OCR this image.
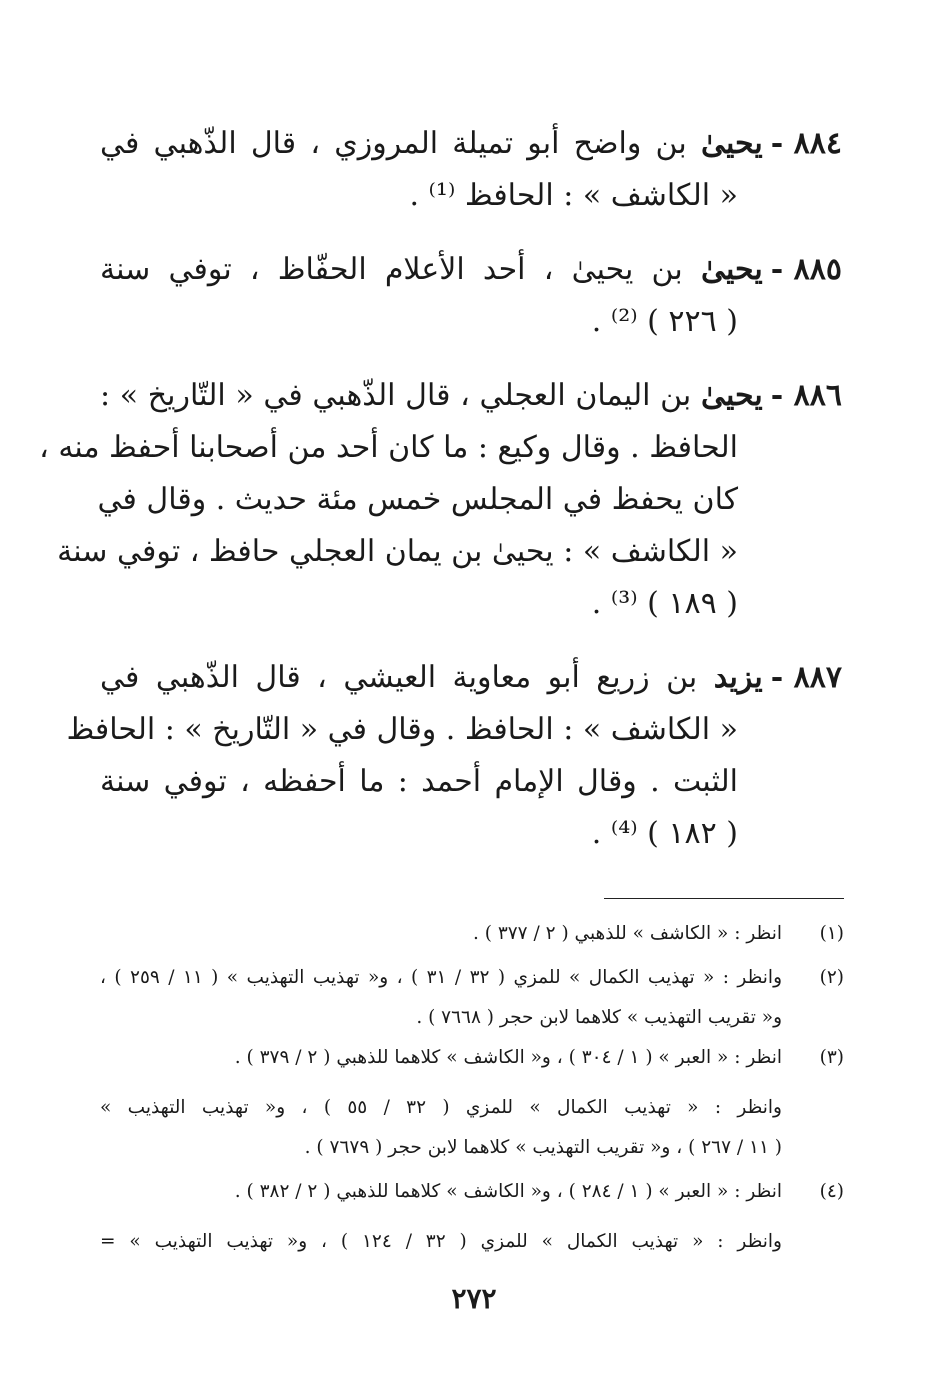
٨٨٤ -
يحيىٰ بن واضح أبو تميلة المروزي ، قال الذّهبي في
« الكاشف » : الحافظ ⁽¹⁾ .
٨٨٥ -
يحيىٰ بن يحيىٰ ، أحد الأعلام الحفّاظ ، توفي سنة
( ٢٢٦ ) ⁽²⁾ .
٨٨٦ -
يحيىٰ بن اليمان العجلي ، قال الذّهبي في « التّاريخ » :
الحافظ . وقال وكيع : ما كان أحد من أصحابنا أحفظ منه ،
كان يحفظ في المجلس خمس مئة حديث . وقال في
« الكاشف » : يحيىٰ بن يمان العجلي حافظ ، توفي سنة
( ١٨٩ ) ⁽³⁾ .
٨٨٧ -
يزيد بن زريع أبو معاوية العيشي ، قال الذّهبي في
« الكاشف » : الحافظ . وقال في « التّاريخ » : الحافظ
الثبت . وقال الإمام أحمد : ما أحفظه ، توفي سنة
( ١٨٢ ) ⁽⁴⁾ .
(١)
انظر : « الكاشف » للذهبي ( ٢ / ٣٧٧ ) .
(٢)
وانظر : « تهذيب الكمال » للمزي ( ٣٢ / ٣١ ) ، و« تهذيب التهذيب » ( ١١ / ٢٥٩ ) ،
و« تقريب التهذيب » كلاهما لابن حجر ( ٧٦٦٨ ) .
(٣)
انظر : « العبر » ( ١ / ٣٠٤ ) ، و« الكاشف » كلاهما للذهبي ( ٢ / ٣٧٩ ) .
وانظر : « تهذيب الكمال » للمزي ( ٣٢ / ٥٥ ) ، و« تهذيب التهذيب »
( ١١ / ٢٦٧ ) ، و« تقريب التهذيب » كلاهما لابن حجر ( ٧٦٧٩ ) .
(٤)
انظر : « العبر » ( ١ / ٢٨٤ ) ، و« الكاشف » كلاهما للذهبي ( ٢ / ٣٨٢ ) .
وانظر : « تهذيب الكمال » للمزي ( ٣٢ / ١٢٤ ) ، و« تهذيب التهذيب » =
٢٧٢
